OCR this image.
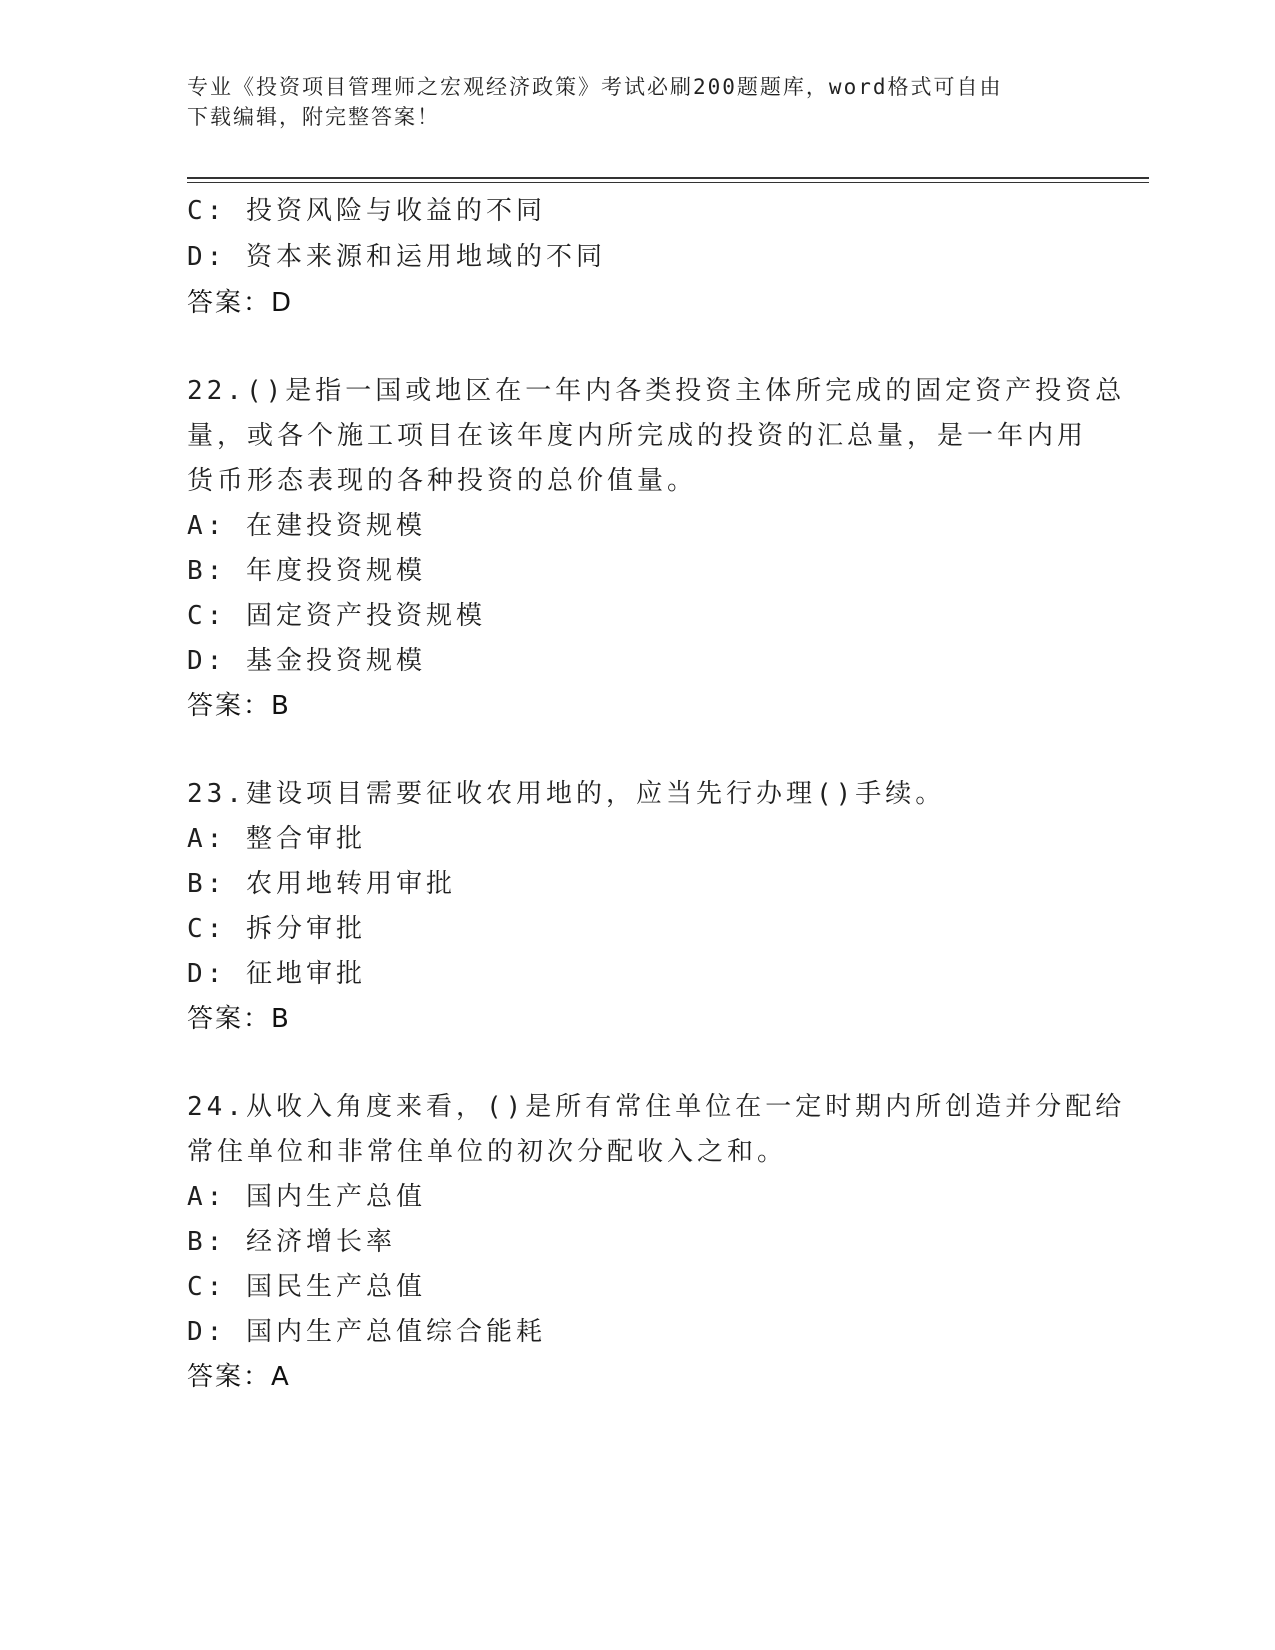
专业《投资项目管理师之宏观经济政策》考试必刷200题题库，word格式可自由
下载编辑，附完整答案！
C: 投资风险与收益的不同
D: 资本来源和运用地域的不同
答案：D
22.()是指一国或地区在一年内各类投资主体所完成的固定资产投资总
量，或各个施工项目在该年度内所完成的投资的汇总量，是一年内用
货币形态表现的各种投资的总价值量。
A: 在建投资规模
B: 年度投资规模
C: 固定资产投资规模
D: 基金投资规模
答案：B
23.建设项目需要征收农用地的，应当先行办理()手续。
A: 整合审批
B: 农用地转用审批
C: 拆分审批
D: 征地审批
答案：B
24.从收入角度来看，()是所有常住单位在一定时期内所创造并分配给
常住单位和非常住单位的初次分配收入之和。
A: 国内生产总值
B: 经济增长率
C: 国民生产总值
D: 国内生产总值综合能耗
答案：A
